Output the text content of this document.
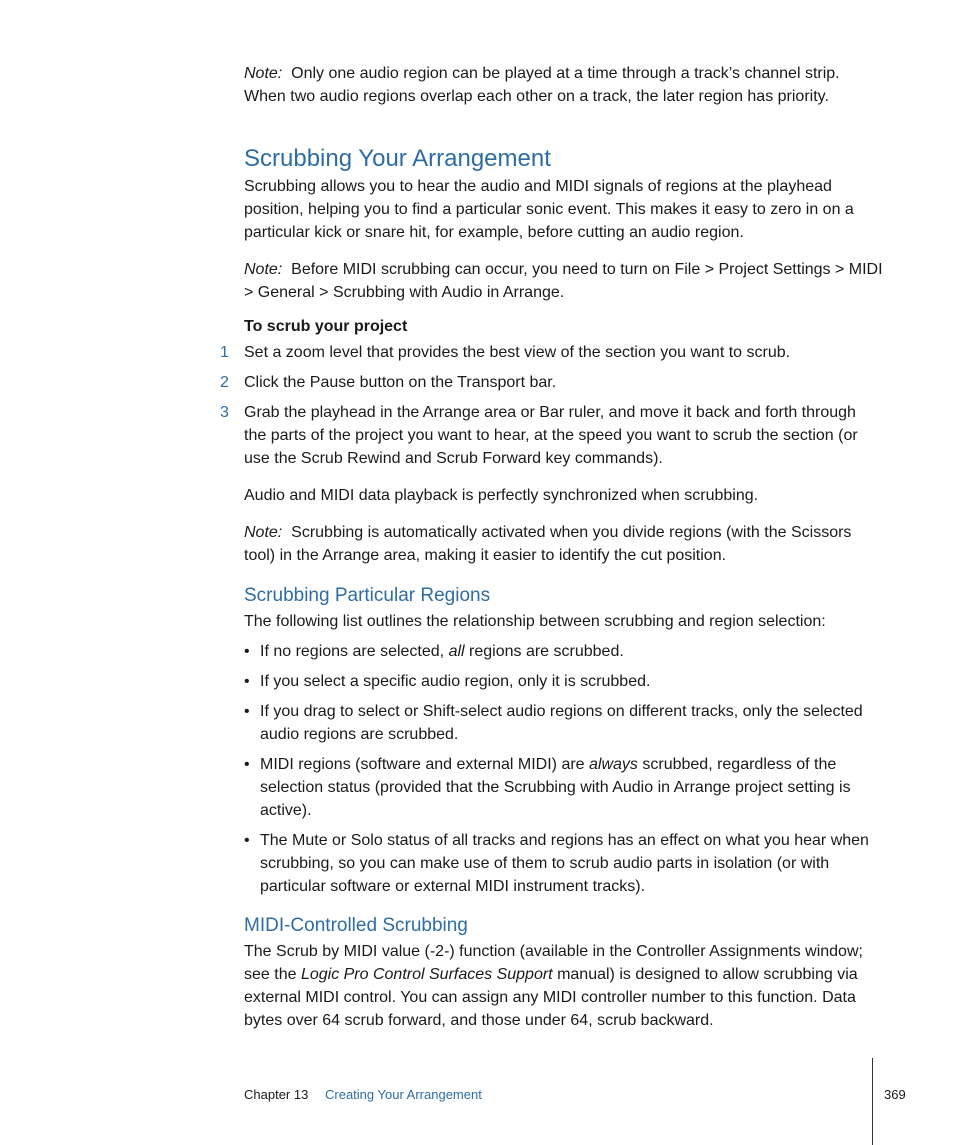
Note: Only one audio region can be played at a time through a track’s channel strip. When two audio regions overlap each other on a track, the later region has priority.

Scrubbing Your Arrangement

Scrubbing allows you to hear the audio and MIDI signals of regions at the playhead position, helping you to find a particular sonic event. This makes it easy to zero in on a particular kick or snare hit, for example, before cutting an audio region.

Note: Before MIDI scrubbing can occur, you need to turn on File > Project Settings > MIDI > General > Scrubbing with Audio in Arrange.

To scrub your project

1 Set a zoom level that provides the best view of the section you want to scrub.
2 Click the Pause button on the Transport bar.
3 Grab the playhead in the Arrange area or Bar ruler, and move it back and forth through the parts of the project you want to hear, at the speed you want to scrub the section (or use the Scrub Rewind and Scrub Forward key commands).

Audio and MIDI data playback is perfectly synchronized when scrubbing.

Note: Scrubbing is automatically activated when you divide regions (with the Scissors tool) in the Arrange area, making it easier to identify the cut position.

Scrubbing Particular Regions

The following list outlines the relationship between scrubbing and region selection:

• If no regions are selected, all regions are scrubbed.
• If you select a specific audio region, only it is scrubbed.
• If you drag to select or Shift-select audio regions on different tracks, only the selected audio regions are scrubbed.
• MIDI regions (software and external MIDI) are always scrubbed, regardless of the selection status (provided that the Scrubbing with Audio in Arrange project setting is active).
• The Mute or Solo status of all tracks and regions has an effect on what you hear when scrubbing, so you can make use of them to scrub audio parts in isolation (or with particular software or external MIDI instrument tracks).
MIDI-Controlled Scrubbing

The Scrub by MIDI value (-2-) function (available in the Controller Assignments window; see the Logic Pro Control Surfaces Support manual) is designed to allow scrubbing via external MIDI control. You can assign any MIDI controller number to this function. Data bytes over 64 scrub forward, and those under 64, scrub backward.

Chapter 13 Creating Your Arrangement	369
